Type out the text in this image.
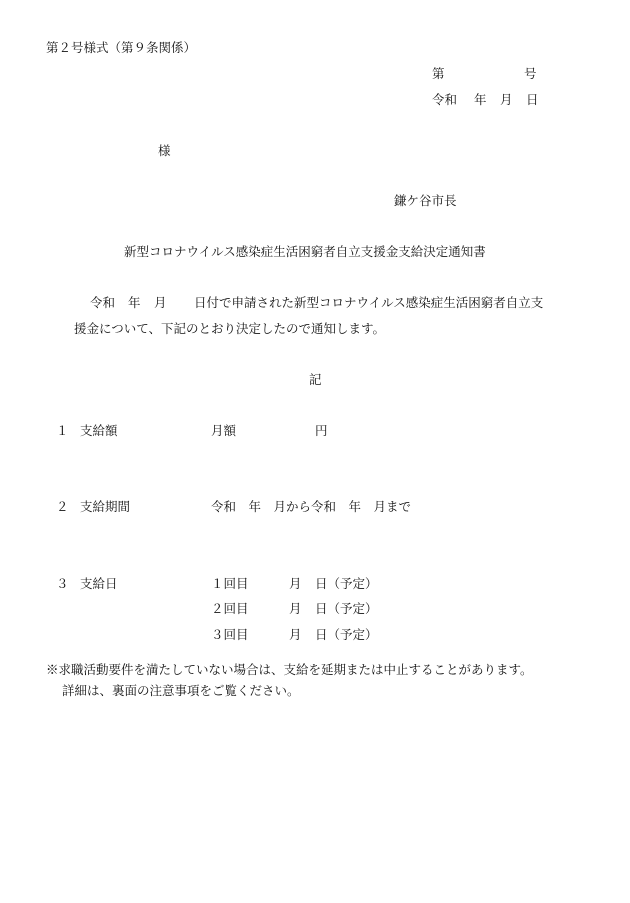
第２号様式（第９条関係）
第	号
令和 年 月 日
様
鎌ケ谷市長
新型コロナウイルス感染症生活困窮者自立支援金支給決定通知書
令和 年 月 日付で申請された新型コロナウイルス感染症生活困窮者自立支
援金について、下記のとおり決定したので通知します。
記
１ 支給額	月額	円
２ 支給期間	令和　年　月から令和　年　月まで
３ 支給日	１回目	月 日（予定）
２回目	月 日（予定）
３回目	月 日（予定）
※求職活動要件を満たしていない場合は、支給を延期または中止することがあります。
詳細は、裏面の注意事項をご覧ください。
